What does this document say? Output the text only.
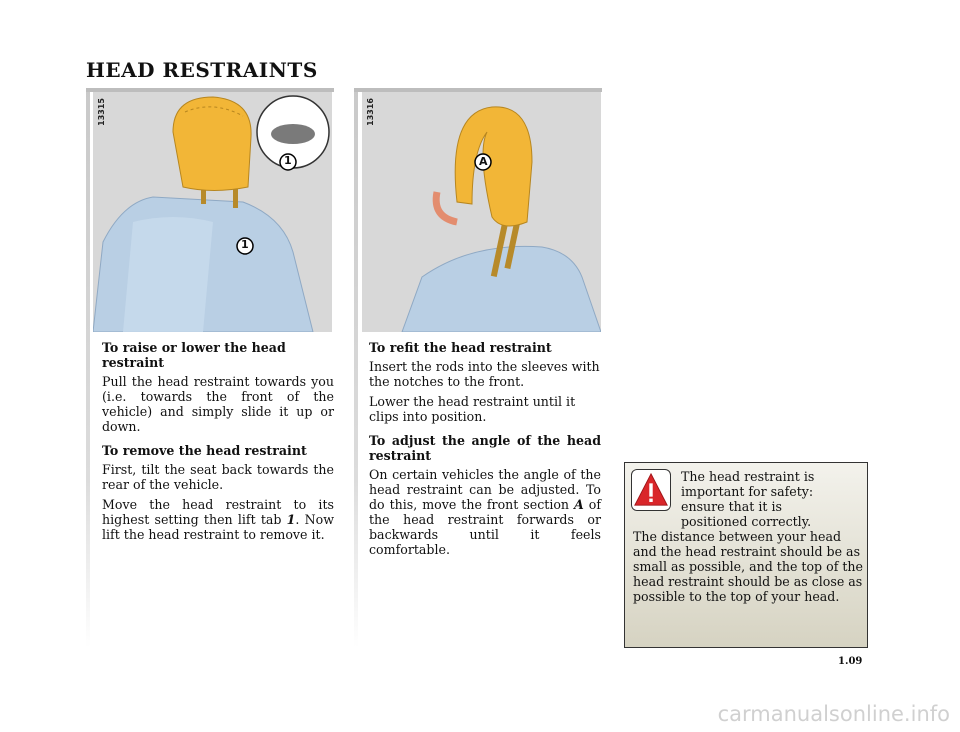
HEAD RESTRAINTS
13315
1
1
13316
A
To raise or lower the head restraint

Pull the head restraint towards you (i.e. towards the front of the vehicle) and simply slide it up or down.

To remove the head restraint

First, tilt the seat back towards the rear of the vehicle.

Move the head restraint to its highest setting then lift tab 1. Now lift the head restraint to remove it.

To refit the head restraint

Insert the rods into the sleeves with the notches to the front.

Lower the head restraint until it clips into position.

To adjust the angle of the head restraint

On certain vehicles the angle of the head restraint can be adjusted. To do this, move the front section A of the head restraint forwards or backwards until it feels comfortable.

The head restraint is important for safety: ensure that it is positioned correctly.
The distance between your head and the head restraint should be as small as possible, and the top of the head restraint should be as close as possible to the top of your head.
1.09
carmanualsonline.info
